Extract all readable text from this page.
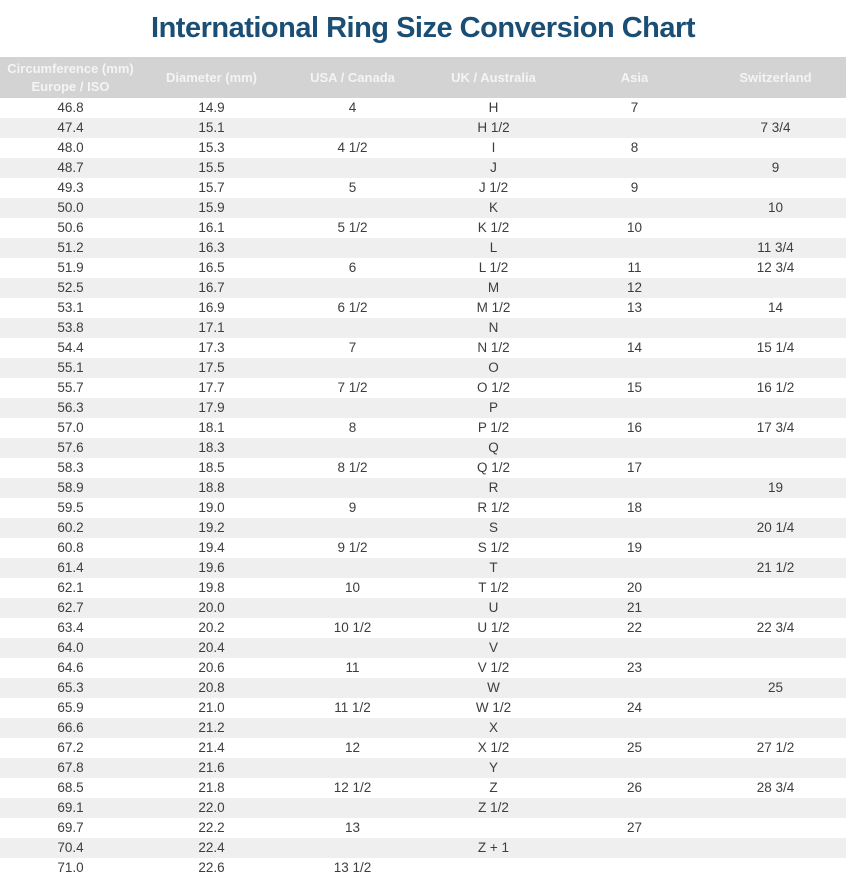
International Ring Size Conversion Chart
Circumference (mm)
Europe / ISO	Diameter (mm)	USA / Canada	UK / Australia	Asia	Switzerland

46.8	14.9	4	H	7	
47.4	15.1		H 1/2		7 3/4
48.0	15.3	4 1/2	I	8	
48.7	15.5		J		9
49.3	15.7	5	J 1/2	9	
50.0	15.9		K		10
50.6	16.1	5 1/2	K 1/2	10	
51.2	16.3		L		11 3/4
51.9	16.5	6	L 1/2	11	12 3/4
52.5	16.7		M	12	
53.1	16.9	6 1/2	M 1/2	13	14
53.8	17.1		N		
54.4	17.3	7	N 1/2	14	15 1/4
55.1	17.5		O		
55.7	17.7	7 1/2	O 1/2	15	16 1/2
56.3	17.9		P		
57.0	18.1	8	P 1/2	16	17 3/4
57.6	18.3		Q		
58.3	18.5	8 1/2	Q 1/2	17	
58.9	18.8		R		19
59.5	19.0	9	R 1/2	18	
60.2	19.2		S		20 1/4
60.8	19.4	9 1/2	S 1/2	19	
61.4	19.6		T		21 1/2
62.1	19.8	10	T 1/2	20	
62.7	20.0		U	21	
63.4	20.2	10 1/2	U 1/2	22	22 3/4
64.0	20.4		V		
64.6	20.6	11	V 1/2	23	
65.3	20.8		W		25
65.9	21.0	11 1/2	W 1/2	24	
66.6	21.2		X		
67.2	21.4	12	X 1/2	25	27 1/2
67.8	21.6		Y		
68.5	21.8	12 1/2	Z	26	28 3/4
69.1	22.0		Z 1/2		
69.7	22.2	13		27	
70.4	22.4		Z + 1		
71.0	22.6	13 1/2			
